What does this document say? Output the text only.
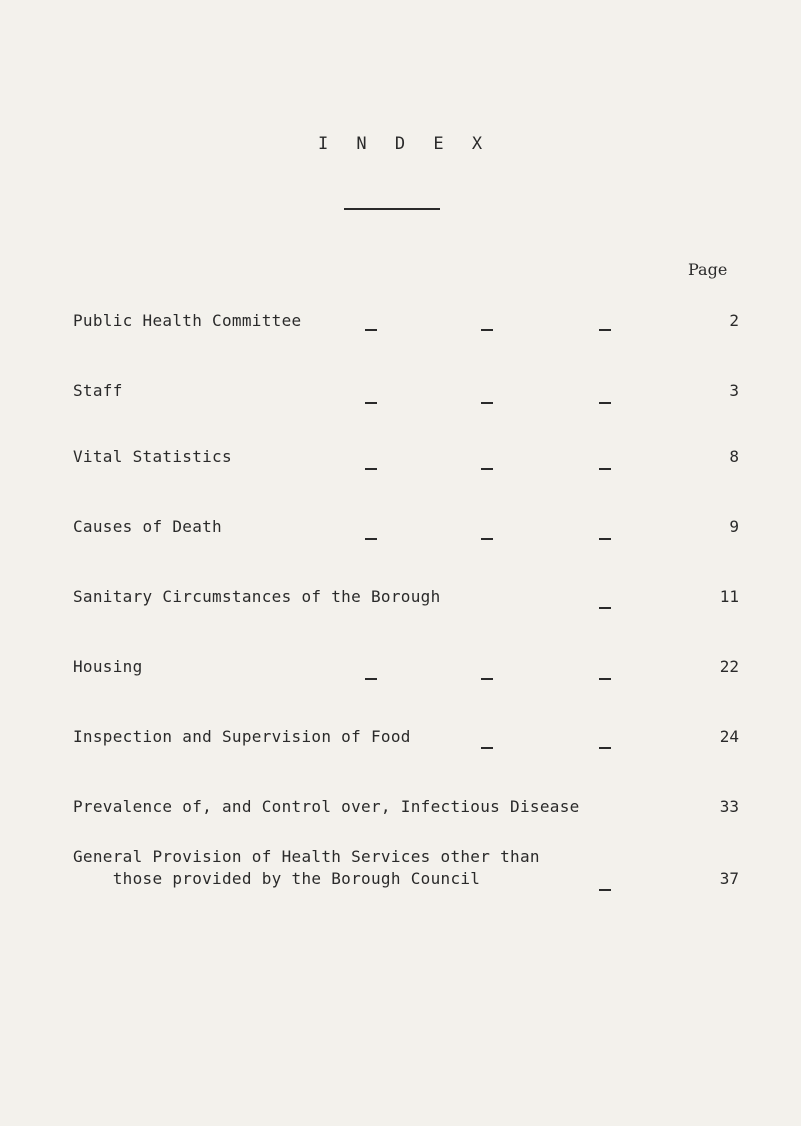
I N D E X
Page
Public Health Committee	2
Staff	3
Vital Statistics	8
Causes of Death	9
Sanitary Circumstances of the Borough	11
Housing	22
Inspection and Supervision of Food	24
Prevalence of, and Control over, Infectious Disease	33
General Provision of Health Services other than
those provided by the Borough Council	37
